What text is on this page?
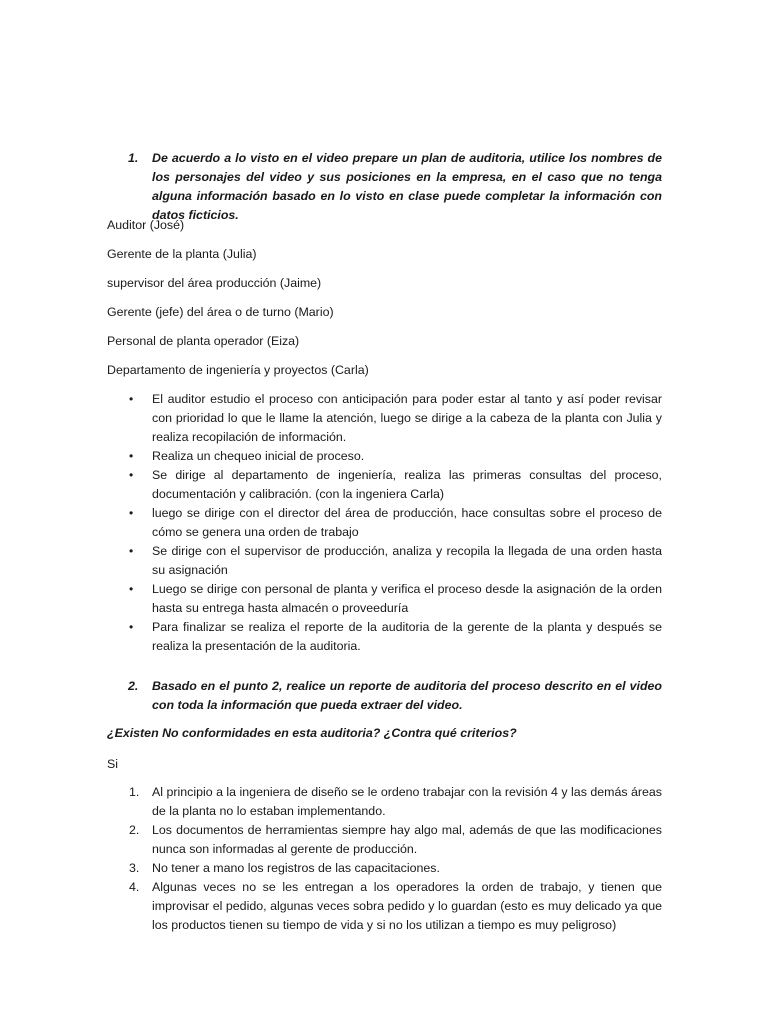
1. De acuerdo a lo visto en el video prepare un plan de auditoria, utilice los nombres de los personajes del video y sus posiciones en la empresa, en el caso que no tenga alguna información basado en lo visto en clase puede completar la información con datos ficticios.
Auditor (José)
Gerente de la planta (Julia)
supervisor del área producción (Jaime)
Gerente (jefe) del área o de turno (Mario)
Personal de planta operador (Eiza)
Departamento de ingeniería y proyectos (Carla)
• El auditor estudio el proceso con anticipación para poder estar al tanto y así poder revisar con prioridad lo que le llame la atención, luego se dirige a la cabeza de la planta con Julia y realiza recopilación de información.
• Realiza un chequeo inicial de proceso.
• Se dirige al departamento de ingeniería, realiza las primeras consultas del proceso, documentación y calibración. (con la ingeniera Carla)
• luego se dirige con el director del área de producción, hace consultas sobre el proceso de cómo se genera una orden de trabajo
• Se dirige con el supervisor de producción, analiza y recopila la llegada de una orden hasta su asignación
• Luego se dirige con personal de planta y verifica el proceso desde la asignación de la orden hasta su entrega hasta almacén o proveeduría
• Para finalizar se realiza el reporte de la auditoria de la gerente de la planta y después se realiza la presentación de la auditoria.
2. Basado en el punto 2, realice un reporte de auditoria del proceso descrito en el video con toda la información que pueda extraer del video.
¿Existen No conformidades en esta auditoria? ¿Contra qué criterios?
Si
1. Al principio a la ingeniera de diseño se le ordeno trabajar con la revisión 4 y las demás áreas de la planta no lo estaban implementando.
2. Los documentos de herramientas siempre hay algo mal, además de que las modificaciones nunca son informadas al gerente de producción.
3. No tener a mano los registros de las capacitaciones.
4. Algunas veces no se les entregan a los operadores la orden de trabajo, y tienen que improvisar el pedido, algunas veces sobra pedido y lo guardan (esto es muy delicado ya que los productos tienen su tiempo de vida y si no los utilizan a tiempo es muy peligroso)
